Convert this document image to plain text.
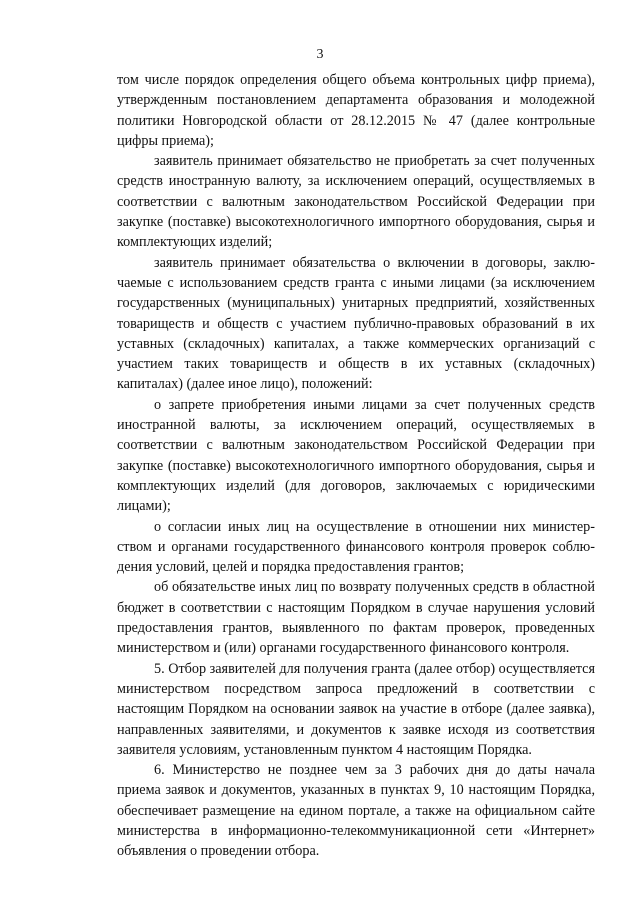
3

том числе порядок определения общего объема контрольных цифр приема), утвержденным постановлением департамента образования и молодежной политики Новгородской области от 28.12.2015 № 47 (далее контрольные цифры приема);

заявитель принимает обязательство не приобретать за счет полученных средств иностранную валюту, за исключением операций, осуществляемых в соответствии с валютным законодательством Российской Федерации при закупке (поставке) высокотехнологичного импортного оборудования, сырья и комплектующих изделий;

заявитель принимает обязательства о включении в договоры, заключаемые с использованием средств гранта с иными лицами (за исключением государственных (муниципальных) унитарных предприятий, хозяйственных товариществ и обществ с участием публично-правовых образований в их уставных (складочных) капиталах, а также коммерческих организаций с участием таких товариществ и обществ в их уставных (складочных) капиталах) (далее иное лицо), положений:

о запрете приобретения иными лицами за счет полученных средств иностранной валюты, за исключением операций, осуществляемых в соответствии с валютным законодательством Российской Федерации при закупке (поставке) высокотехнологичного импортного оборудования, сырья и комплектующих изделий (для договоров, заключаемых с юридическими лицами);

о согласии иных лиц на осуществление в отношении них министерством и органами государственного финансового контроля проверок соблюдения условий, целей и порядка предоставления грантов;

об обязательстве иных лиц по возврату полученных средств в областной бюджет в соответствии с настоящим Порядком в случае нарушения условий предоставления грантов, выявленного по фактам проверок, проведенных министерством и (или) органами государственного финансового контроля.

5. Отбор заявителей для получения гранта (далее отбор) осуществляется министерством посредством запроса предложений в соответствии с настоящим Порядком на основании заявок на участие в отборе (далее заявка), направленных заявителями, и документов к заявке исходя из соответствия заявителя условиям, установленным пунктом 4 настоящим Порядка.

6. Министерство не позднее чем за 3 рабочих дня до даты начала приема заявок и документов, указанных в пунктах 9, 10 настоящим Порядка, обеспечивает размещение на едином портале, а также на официальном сайте министерства в информационно-телекоммуникационной сети «Интернет» объявления о проведении отбора.
